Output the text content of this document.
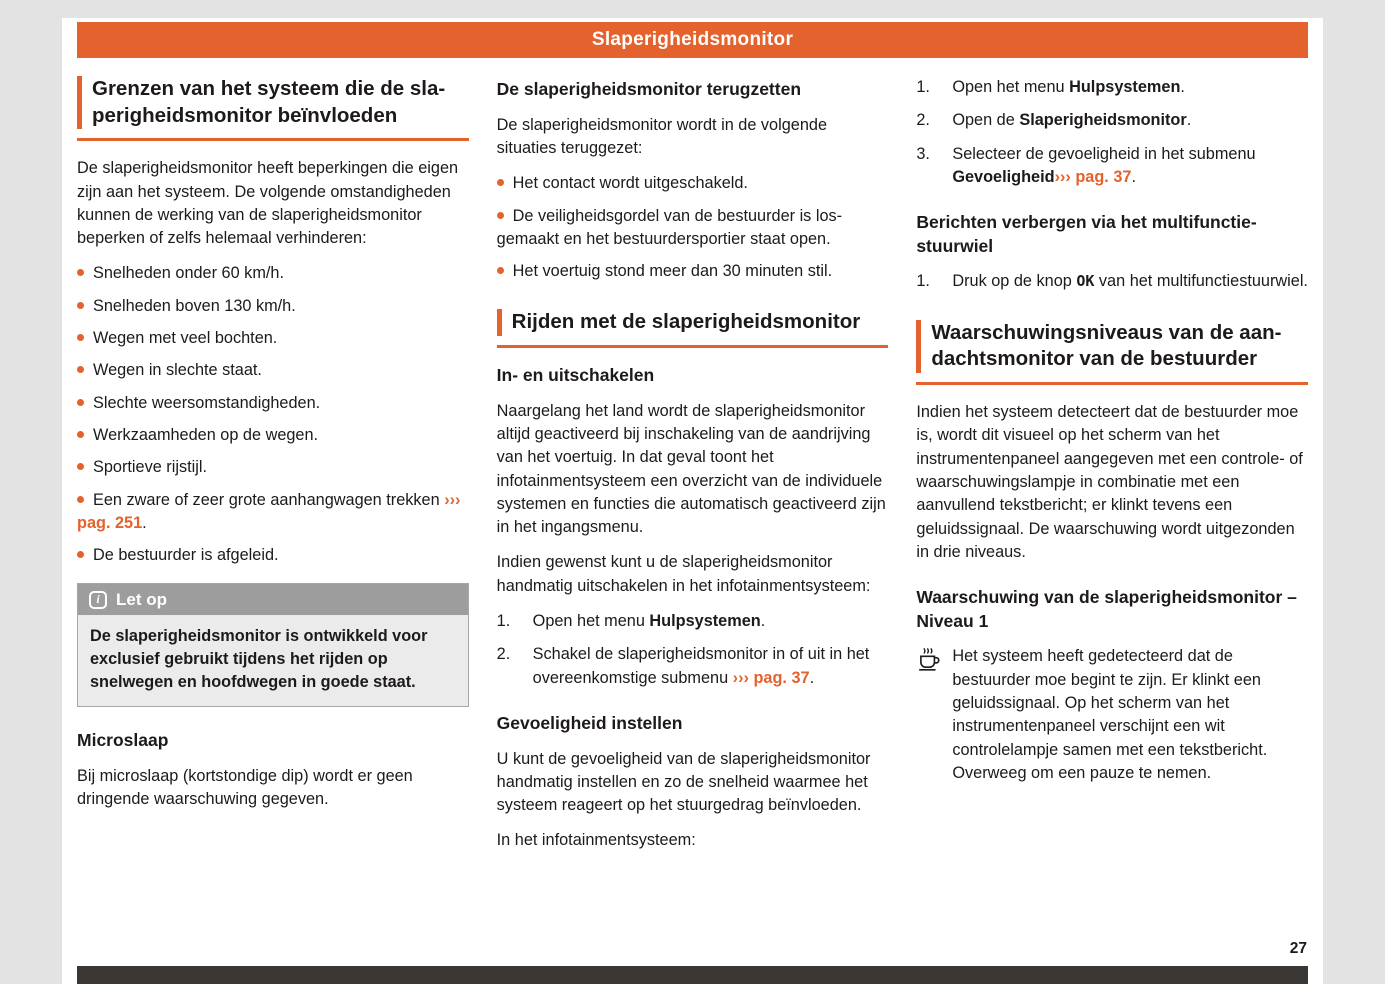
Slaperigheidsmonitor
Grenzen van het systeem die de slaperigheidsmonitor beïnvloeden

De slaperigheidsmonitor heeft beperkingen die eigen zijn aan het systeem. De volgende omstandigheden kunnen de werking van de slaperigheidsmonitor beperken of zelfs helemaal verhinderen:

Snelheden onder 60 km/h.

Snelheden boven 130 km/h.

Wegen met veel bochten.

Wegen in slechte staat.

Slechte weersomstandigheden.

Werkzaamheden op de wegen.

Sportieve rijstijl.

Een zware of zeer grote aanhangwagen trekken ››› pag. 251.

De bestuurder is afgeleid.

i Let op
De slaperigheidsmonitor is ontwikkeld voor exclusief gebruikt tijdens het rijden op snelwegen en hoofdwegen in goede staat.
Microslaap

Bij microslaap (kortstondige dip) wordt er geen dringende waarschuwing gegeven.

De slaperigheidsmonitor terugzetten

De slaperigheidsmonitor wordt in de volgende situaties teruggezet:

Het contact wordt uitgeschakeld.

De veiligheidsgordel van de bestuurder is losgemaakt en het bestuurdersportier staat open.

Het voertuig stond meer dan 30 minuten stil.

Rijden met de slaperigheidsmonitor
In- en uitschakelen

Naargelang het land wordt de slaperigheidsmonitor altijd geactiveerd bij inschakeling van de aandrijving van het voertuig. In dat geval toont het infotainmentsysteem een overzicht van de individuele systemen en functies die automatisch geactiveerd zijn in het ingangsmenu.

Indien gewenst kunt u de slaperigheidsmonitor handmatig uitschakelen in het infotainmentsysteem:

1.	Open het menu Hulpsystemen.
2.	Schakel de slaperigheidsmonitor in of uit in het overeenkomstige submenu ››› pag. 37.
Gevoeligheid instellen

U kunt de gevoeligheid van de slaperigheidsmonitor handmatig instellen en zo de snelheid waarmee het systeem reageert op het stuurgedrag beïnvloeden.

In het infotainmentsysteem:

1.	Open het menu Hulpsystemen.
2.	Open de Slaperigheidsmonitor.
3.	Selecteer de gevoeligheid in het submenu Gevoeligheid››› pag. 37.
Berichten verbergen via het multifunctiestuurwiel
1.	Druk op de knop OK van het multifunctiestuurwiel.
Waarschuwingsniveaus van de aandachtsmonitor van de bestuurder

Indien het systeem detecteert dat de bestuurder moe is, wordt dit visueel op het scherm van het instrumentenpaneel aangegeven met een controle- of waarschuwingslampje in combinatie met een aanvullend tekstbericht; er klinkt tevens een geluidssignaal. De waarschuwing wordt uitgezonden in drie niveaus.

Waarschuwing van de slaperigheidsmonitor – Niveau 1
Het systeem heeft gedetecteerd dat de bestuurder moe begint te zijn. Er klinkt een geluidssignaal. Op het scherm van het instrumentenpaneel verschijnt een wit controlelampje samen met een tekstbericht. Overweeg om een pauze te nemen.
27
